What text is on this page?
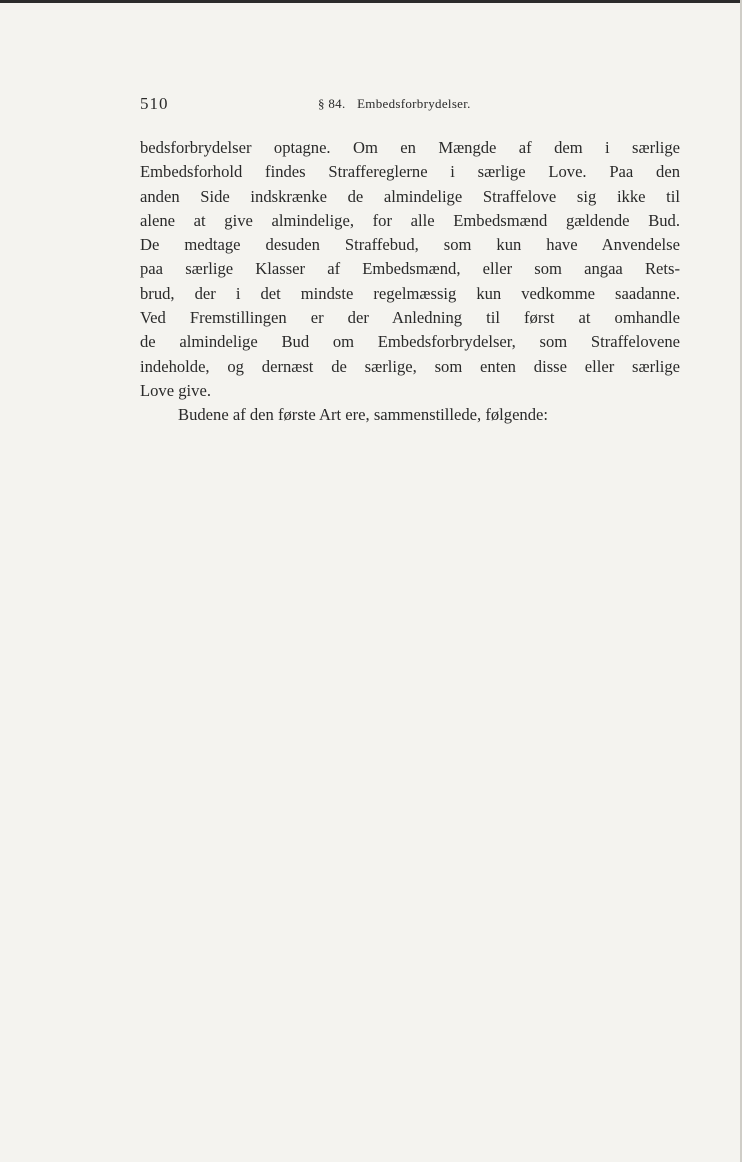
510	§ 84. Embedsforbrydelser.
bedsforbrydelser optagne. Om en Mængde af dem i særlige
Embedsforhold findes Straffereglerne i særlige Love. Paa den
anden Side indskrænke de almindelige Straffelove sig ikke til
alene at give almindelige, for alle Embedsmænd gældende Bud.
De medtage desuden Straffebud, som kun have Anvendelse
paa særlige Klasser af Embedsmænd, eller som angaa Rets-
brud, der i det mindste regelmæssig kun vedkomme saadanne.
Ved Fremstillingen er der Anledning til først at omhandle
de almindelige Bud om Embedsforbrydelser, som Straffelovene
indeholde, og dernæst de særlige, som enten disse eller særlige
Love give.
Budene af den første Art ere, sammenstillede, følgende:
